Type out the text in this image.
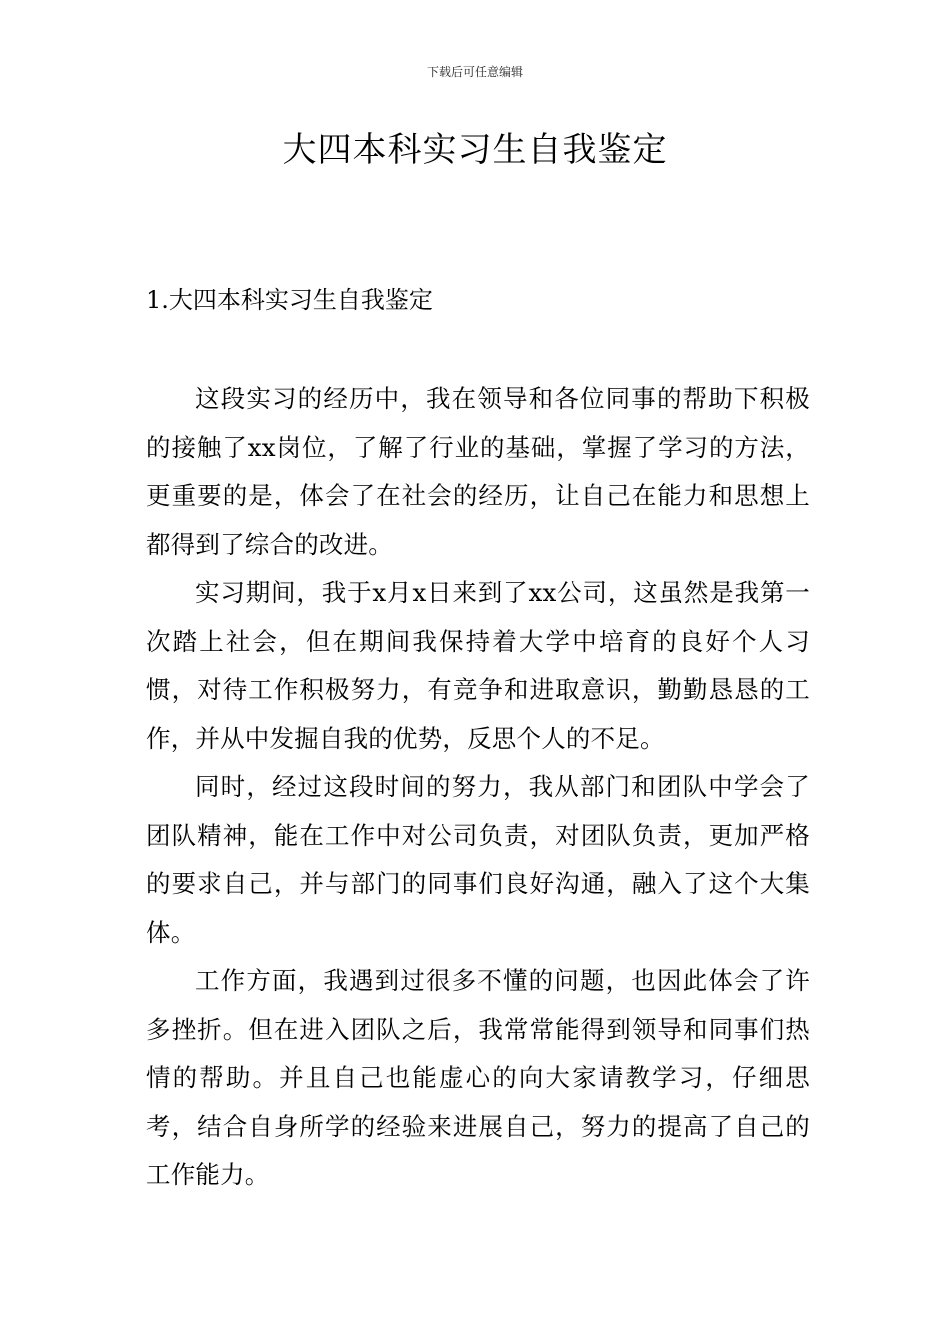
下载后可任意编辑
大四本科实习生自我鉴定
1.大四本科实习生自我鉴定

这段实习的经历中，我在领导和各位同事的帮助下积极的接触了xx岗位，了解了行业的基础，掌握了学习的方法，更重要的是，体会了在社会的经历，让自己在能力和思想上都得到了综合的改进。

实习期间，我于x月x日来到了xx公司，这虽然是我第一次踏上社会，但在期间我保持着大学中培育的良好个人习惯，对待工作积极努力，有竞争和进取意识，勤勤恳恳的工作，并从中发掘自我的优势，反思个人的不足。

同时，经过这段时间的努力，我从部门和团队中学会了团队精神，能在工作中对公司负责，对团队负责，更加严格的要求自己，并与部门的同事们良好沟通，融入了这个大集体。

工作方面，我遇到过很多不懂的问题，也因此体会了许多挫折。但在进入团队之后，我常常能得到领导和同事们热情的帮助。并且自己也能虚心的向大家请教学习，仔细思考，结合自身所学的经验来进展自己，努力的提高了自己的工作能力。
